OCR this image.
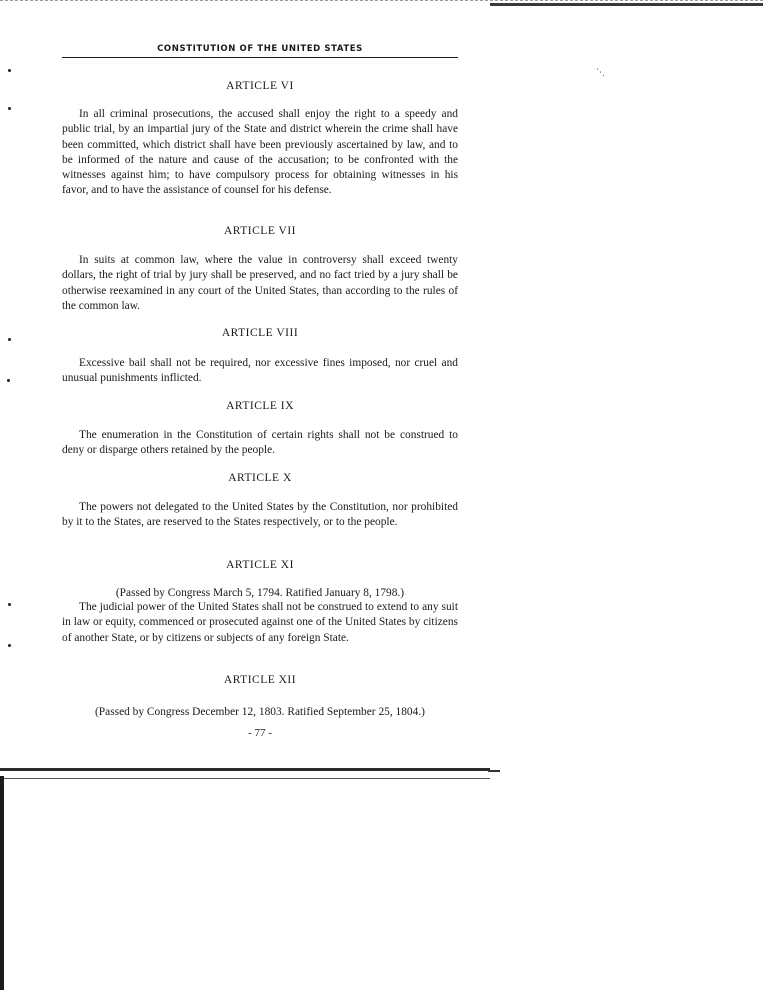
⋱
CONSTITUTION OF THE UNITED STATES
ARTICLE VI

In all criminal prosecutions, the accused shall enjoy the right to a speedy and public trial, by an impartial jury of the State and district wherein the crime shall have been committed, which district shall have been previously ascertained by law, and to be informed of the nature and cause of the accusation; to be confronted with the witnesses against him; to have compulsory process for obtaining witnesses in his favor, and to have the assistance of counsel for his defense.

ARTICLE VII

In suits at common law, where the value in controversy shall exceed twenty dollars, the right of trial by jury shall be preserved, and no fact tried by a jury shall be otherwise reexamined in any court of the United States, than according to the rules of the common law.

ARTICLE VIII

Excessive bail shall not be required, nor excessive fines imposed, nor cruel and unusual punishments inflicted.

ARTICLE IX

The enumeration in the Constitution of certain rights shall not be construed to deny or disparge others retained by the people.

ARTICLE X

The powers not delegated to the United States by the Constitution, nor prohibited by it to the States, are reserved to the States respectively, or to the people.

ARTICLE XI
(Passed by Congress March 5, 1794. Ratified January 8, 1798.)

The judicial power of the United States shall not be construed to extend to any suit in law or equity, commenced or prosecuted against one of the United States by citizens of another State, or by citizens or subjects of any foreign State.

ARTICLE XII
(Passed by Congress December 12, 1803. Ratified September 25, 1804.)
- 77 -
